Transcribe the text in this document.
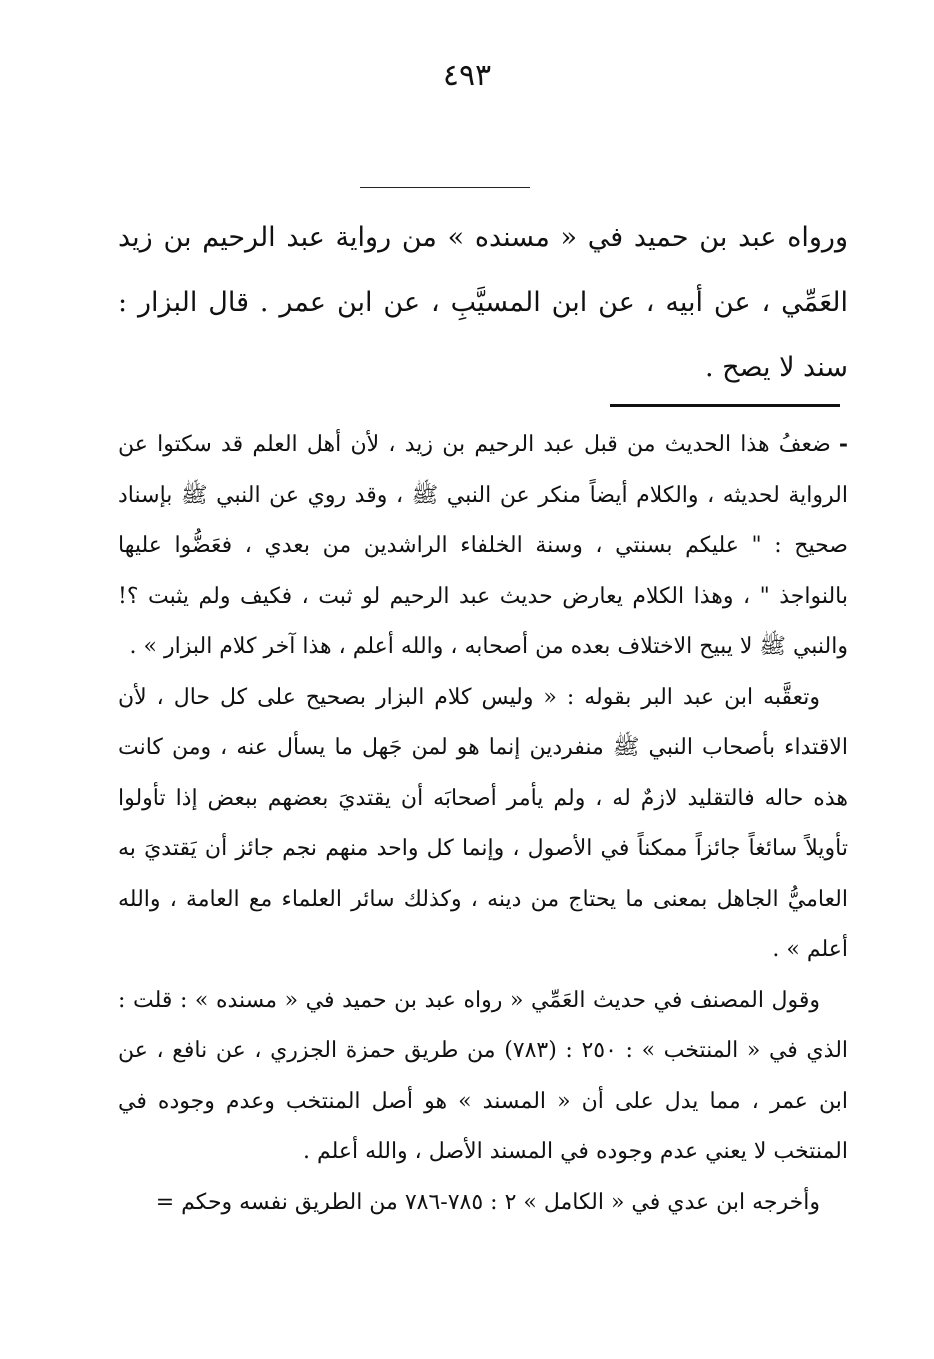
٤٩٣

ورواه عبد بن حميد في « مسنده » من رواية عبد الرحيم بن زيد العَمِّي ، عن أبيه ، عن ابن المسيَّبِ ، عن ابن عمر . قال البزار : سند لا يصح .

-ضعفُ هذا الحديث من قبل عبد الرحيم بن زيد ، لأن أهل العلم قد سكتوا عن الرواية لحديثه ، والكلام أيضاً منكر عن النبي ﷺ ، وقد روي عن النبي ﷺ بإسناد صحيح : " عليكم بسنتي ، وسنة الخلفاء الراشدين من بعدي ، فعَضُّوا عليها بالنواجذ " ، وهذا الكلام يعارض حديث عبد الرحيم لو ثبت ، فكيف ولم يثبت ؟! والنبي ﷺ لا يبيح الاختلاف بعده من أصحابه ، والله أعلم ، هذا آخر كلام البزار » .

وتعقَّبه ابن عبد البر بقوله : « وليس كلام البزار بصحيح على كل حال ، لأن الاقتداء بأصحاب النبي ﷺ منفردين إنما هو لمن جَهل ما يسأل عنه ، ومن كانت هذه حاله فالتقليد لازمٌ له ، ولم يأمر أصحابَه أن يقتديَ بعضهم ببعض إذا تأولوا تأويلاً سائغاً جائزاً ممكناً في الأصول ، وإنما كل واحد منهم نجم جائز أن يَقتديَ به العاميُّ الجاهل بمعنى ما يحتاج من دينه ، وكذلك سائر العلماء مع العامة ، والله أعلم » .

وقول المصنف في حديث العَمِّي « رواه عبد بن حميد في « مسنده » : قلت : الذي في « المنتخب » : ٢٥٠ : (٧٨٣) من طريق حمزة الجزري ، عن نافع ، عن ابن عمر ، مما يدل على أن « المسند » هو أصل المنتخب وعدم وجوده في المنتخب لا يعني عدم وجوده في المسند الأصل ، والله أعلم .

وأخرجه ابن عدي في « الكامل » ٢ : ٧٨٥-٧٨٦ من الطريق نفسه وحكم =
